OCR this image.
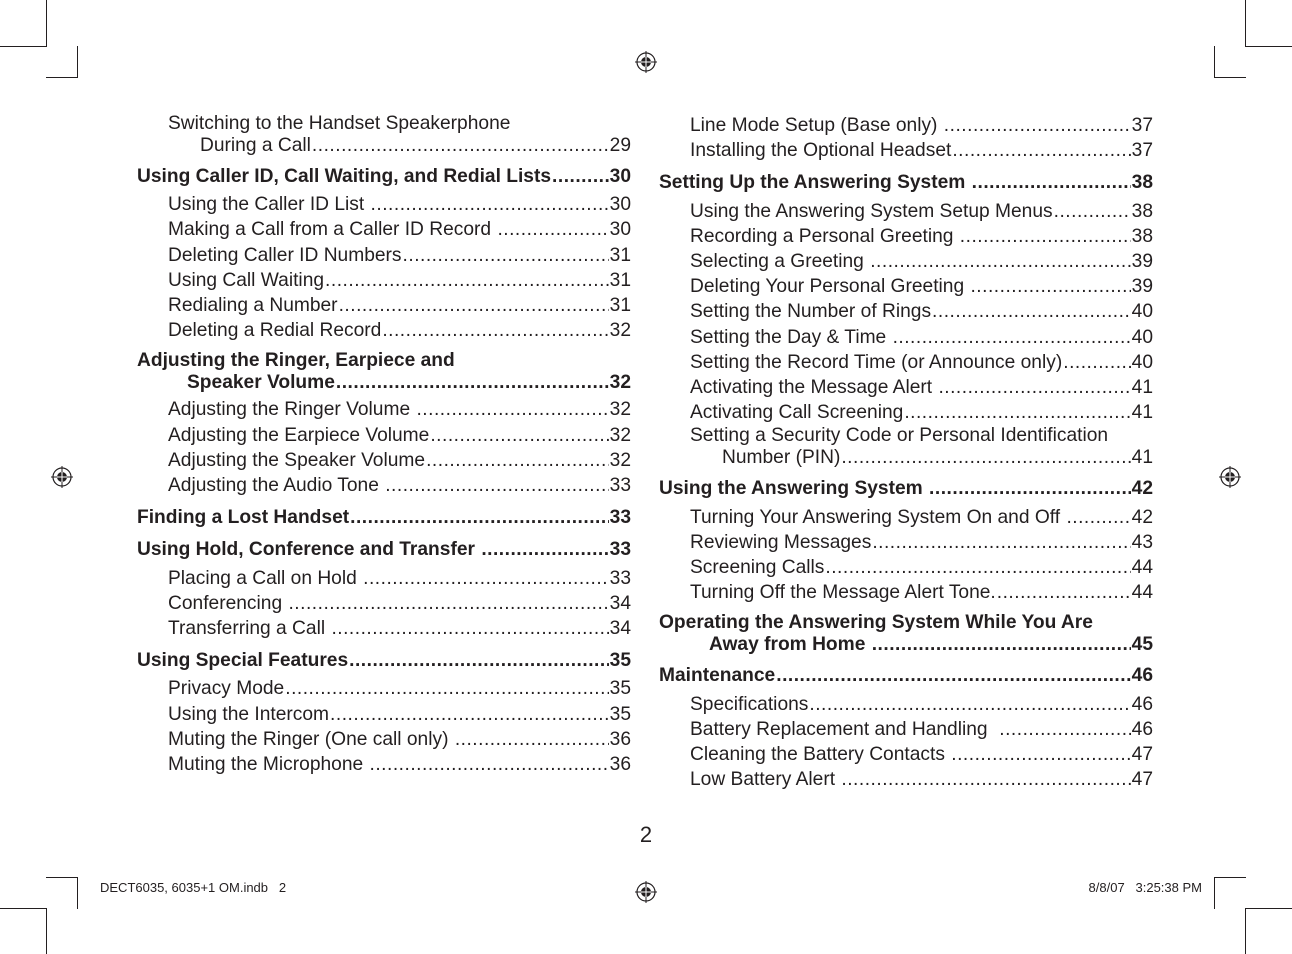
Switching to the Handset Speakerphone
During a Call .....	29
Using Caller ID, Call Waiting, and Redial Lists .....	30
Using the Caller ID List .....	30
Making a Call from a Caller ID Record .....	30
Deleting Caller ID Numbers .....	31
Using Call Waiting .....	31
Redialing a Number .....	31
Deleting a Redial Record .....	32
Adjusting the Ringer, Earpiece and
Speaker Volume .....	32
Adjusting the Ringer Volume .....	32
Adjusting the Earpiece Volume .....	32
Adjusting the Speaker Volume .....	32
Adjusting the Audio Tone .....	33
Finding a Lost Handset .....	33
Using Hold, Conference and Transfer .....	33
Placing a Call on Hold .....	33
Conferencing .....	34
Transferring a Call .....	34
Using Special Features .....	35
Privacy Mode .....	35
Using the Intercom .....	35
Muting the Ringer (One call only) .....	36
Muting the Microphone .....	36
Line Mode Setup (Base only) .....	37
Installing the Optional Headset .....	37
Setting Up the Answering System .....	38
Using the Answering System Setup Menus .....	38
Recording a Personal Greeting .....	38
Selecting a Greeting .....	39
Deleting Your Personal Greeting .....	39
Setting the Number of Rings .....	40
Setting the Day & Time .....	40
Setting the Record Time (or Announce only) .....	40
Activating the Message Alert .....	41
Activating Call Screening .....	41
Setting a Security Code or Personal Identification
Number (PIN) .....	41
Using the Answering System .....	42
Turning Your Answering System On and Off .....	42
Reviewing Messages .....	43
Screening Calls .....	44
Turning Off the Message Alert Tone. .....	44
Operating the Answering System While You Are
Away from Home .....	45
Maintenance .....	46
Specifications .....	46
Battery Replacement and Handling .....	46
Cleaning the Battery Contacts .....	47
Low Battery Alert .....	47
2
DECT6035, 6035+1 OM.indb   2	8/8/07   3:25:38 PM
